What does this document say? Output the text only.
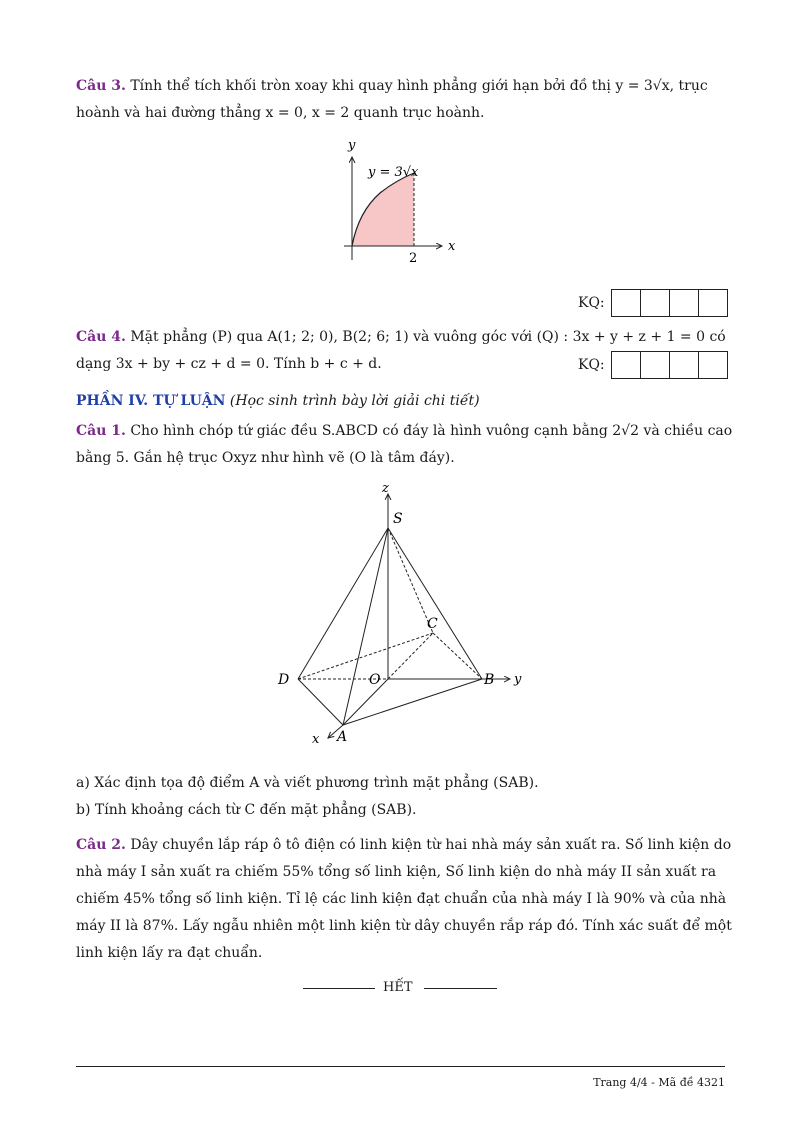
Câu 3. Tính thể tích khối tròn xoay khi quay hình phẳng giới hạn bởi đồ thị y = 3√x, trục
hoành và hai đường thẳng x = 0, x = 2 quanh trục hoành.
y
x
y = 3√x
2
KQ:
Câu 4. Mặt phẳng (P) qua A(1; 2; 0), B(2; 6; 1) và vuông góc với (Q) : 3x + y + z + 1 = 0 có
dạng 3x + by + cz + d = 0. Tính b + c + d.	KQ:
PHẦN IV. TỰ LUẬN (Học sinh trình bày lời giải chi tiết)
Câu 1. Cho hình chóp tứ giác đều S.ABCD có đáy là hình vuông cạnh bằng 2√2 và chiều cao
bằng 5. Gắn hệ trục Oxyz như hình vẽ (O là tâm đáy).
z
S
C
D	O	B y
A
x
a) Xác định tọa độ điểm A và viết phương trình mặt phẳng (SAB).
b) Tính khoảng cách từ C đến mặt phẳng (SAB).
Câu 2. Dây chuyền lắp ráp ô tô điện có linh kiện từ hai nhà máy sản xuất ra. Số linh kiện do
nhà máy I sản xuất ra chiếm 55% tổng số linh kiện, Số linh kiện do nhà máy II sản xuất ra
chiếm 45% tổng số linh kiện. Tỉ lệ các linh kiện đạt chuẩn của nhà máy I là 90% và của nhà
máy II là 87%. Lấy ngẫu nhiên một linh kiện từ dây chuyền rắp ráp đó. Tính xác suất để một
linh kiện lấy ra đạt chuẩn.
HẾT
Trang 4/4 - Mã đề 4321
